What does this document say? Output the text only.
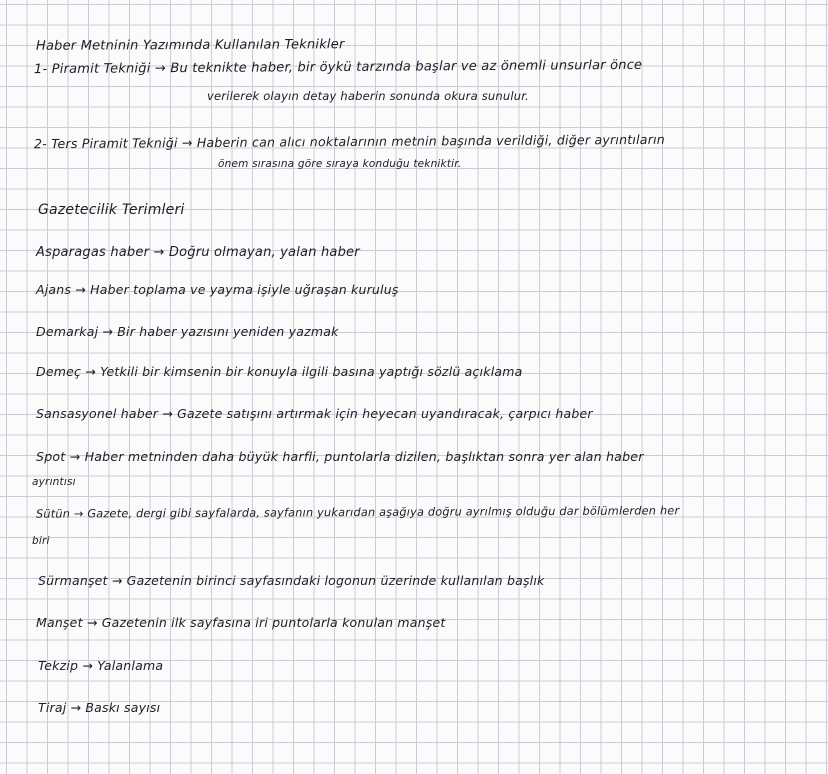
Haber Metninin Yazımında Kullanılan Teknikler
1- Piramit Tekniği → Bu teknikte haber, bir öykü tarzında başlar ve az önemli unsurlar önce
verilerek olayın detay haberin sonunda okura sunulur.
2- Ters Piramit Tekniği → Haberin can alıcı noktalarının metnin başında verildiği, diğer ayrıntıların
önem sırasına göre sıraya konduğu tekniktir.
Gazetecilik Terimleri
Asparagas haber → Doğru olmayan, yalan haber
Ajans → Haber toplama ve yayma işiyle uğraşan kuruluş
Demarkaj → Bir haber yazısını yeniden yazmak
Demeç → Yetkili bir kimsenin bir konuyla ilgili basına yaptığı sözlü açıklama
Sansasyonel haber → Gazete satışını artırmak için heyecan uyandıracak, çarpıcı haber
Spot → Haber metninden daha büyük harfli, puntolarla dizilen, başlıktan sonra yer alan haber
ayrıntısı
Sütün → Gazete, dergi gibi sayfalarda, sayfanın yukarıdan aşağıya doğru ayrılmış olduğu dar bölümlerden her
biri
Sürmanşet → Gazetenin birinci sayfasındaki logonun üzerinde kullanılan başlık
Manşet → Gazetenin ilk sayfasına iri puntolarla konulan manşet
Tekzip → Yalanlama
Tiraj → Baskı sayısı
